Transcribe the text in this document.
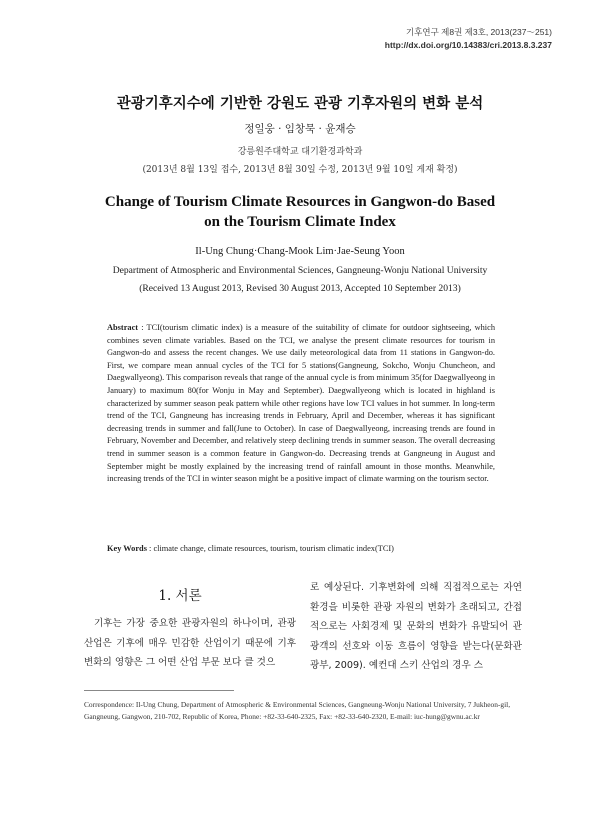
기후연구 제8권 제3호, 2013(237～251)
http://dx.doi.org/10.14383/cri.2013.8.3.237
관광기후지수에 기반한 강원도 관광 기후자원의 변화 분석
정일웅 · 임창묵 · 윤재승
강릉원주대학교 대기환경과학과
(2013년 8월 13일 접수, 2013년 8월 30일 수정, 2013년 9월 10일 게재 확정)
Change of Tourism Climate Resources in Gangwon-do Based
on the Tourism Climate Index
Il-Ung Chung·Chang-Mook Lim·Jae-Seung Yoon
Department of Atmospheric and Environmental Sciences, Gangneung-Wonju National University
(Received 13 August 2013, Revised 30 August 2013, Accepted 10 September 2013)
Abstract : TCI(tourism climatic index) is a measure of the suitability of climate for outdoor sightseeing, which combines seven climate variables. Based on the TCI, we analyse the present climate resources for tourism in Gangwon-do and assess the recent changes. We use daily meteorological data from 11 stations in Gangwon-do. First, we compare mean annual cycles of the TCI for 5 stations(Gangneung, Sokcho, Wonju Chuncheon, and Daegwallyeong). This comparison reveals that range of the annual cycle is from minimum 35(for Daegwallyeong in January) to maximum 80(for Wonju in May and September). Daegwallyeong which is located in highland is characterized by summer season peak pattern while other regions have low TCI values in hot summer. In long-term trend of the TCI, Gangneung has increasing trends in February, April and December, whereas it has significant decreasing trends in summer and fall(June to October). In case of Daegwallyeong, increasing trends are found in February, November and December, and relatively steep declining trends in summer season. The overall decreasing trend in summer season is a common feature in Gangwon-do. Decreasing trends at Gangneung in August and September might be mostly explained by the increasing trend of rainfall amount in those months. Meanwhile, increasing trends of the TCI in winter season might be a positive impact of climate warming on the tourism sector.
Key Words : climate change, climate resources, tourism, tourism climatic index(TCI)
1. 서론
기후는 가장 중요한 관광자원의 하나이며, 관광산업은 기후에 매우 민감한 산업이기 때문에 기후변화의 영향은 그 어떤 산업 부문 보다 클 것으
로 예상된다. 기후변화에 의해 직접적으로는 자연환경을 비롯한 관광 자원의 변화가 초래되고, 간접적으로는 사회경제 및 문화의 변화가 유발되어 관광객의 선호와 이동 흐름이 영향을 받는다(문화관광부, 2009). 예컨대 스키 산업의 경우 스
Correspondence: Il-Ung Chung, Department of Atmospheric & Environmental Sciences, Gangneung-Wonju National University, 7 Jukheon-gil, Gangneung, Gangwon, 210-702, Republic of Korea, Phone: +82-33-640-2325, Fax: +82-33-640-2320, E-mail: iuc-hung@gwnu.ac.kr
